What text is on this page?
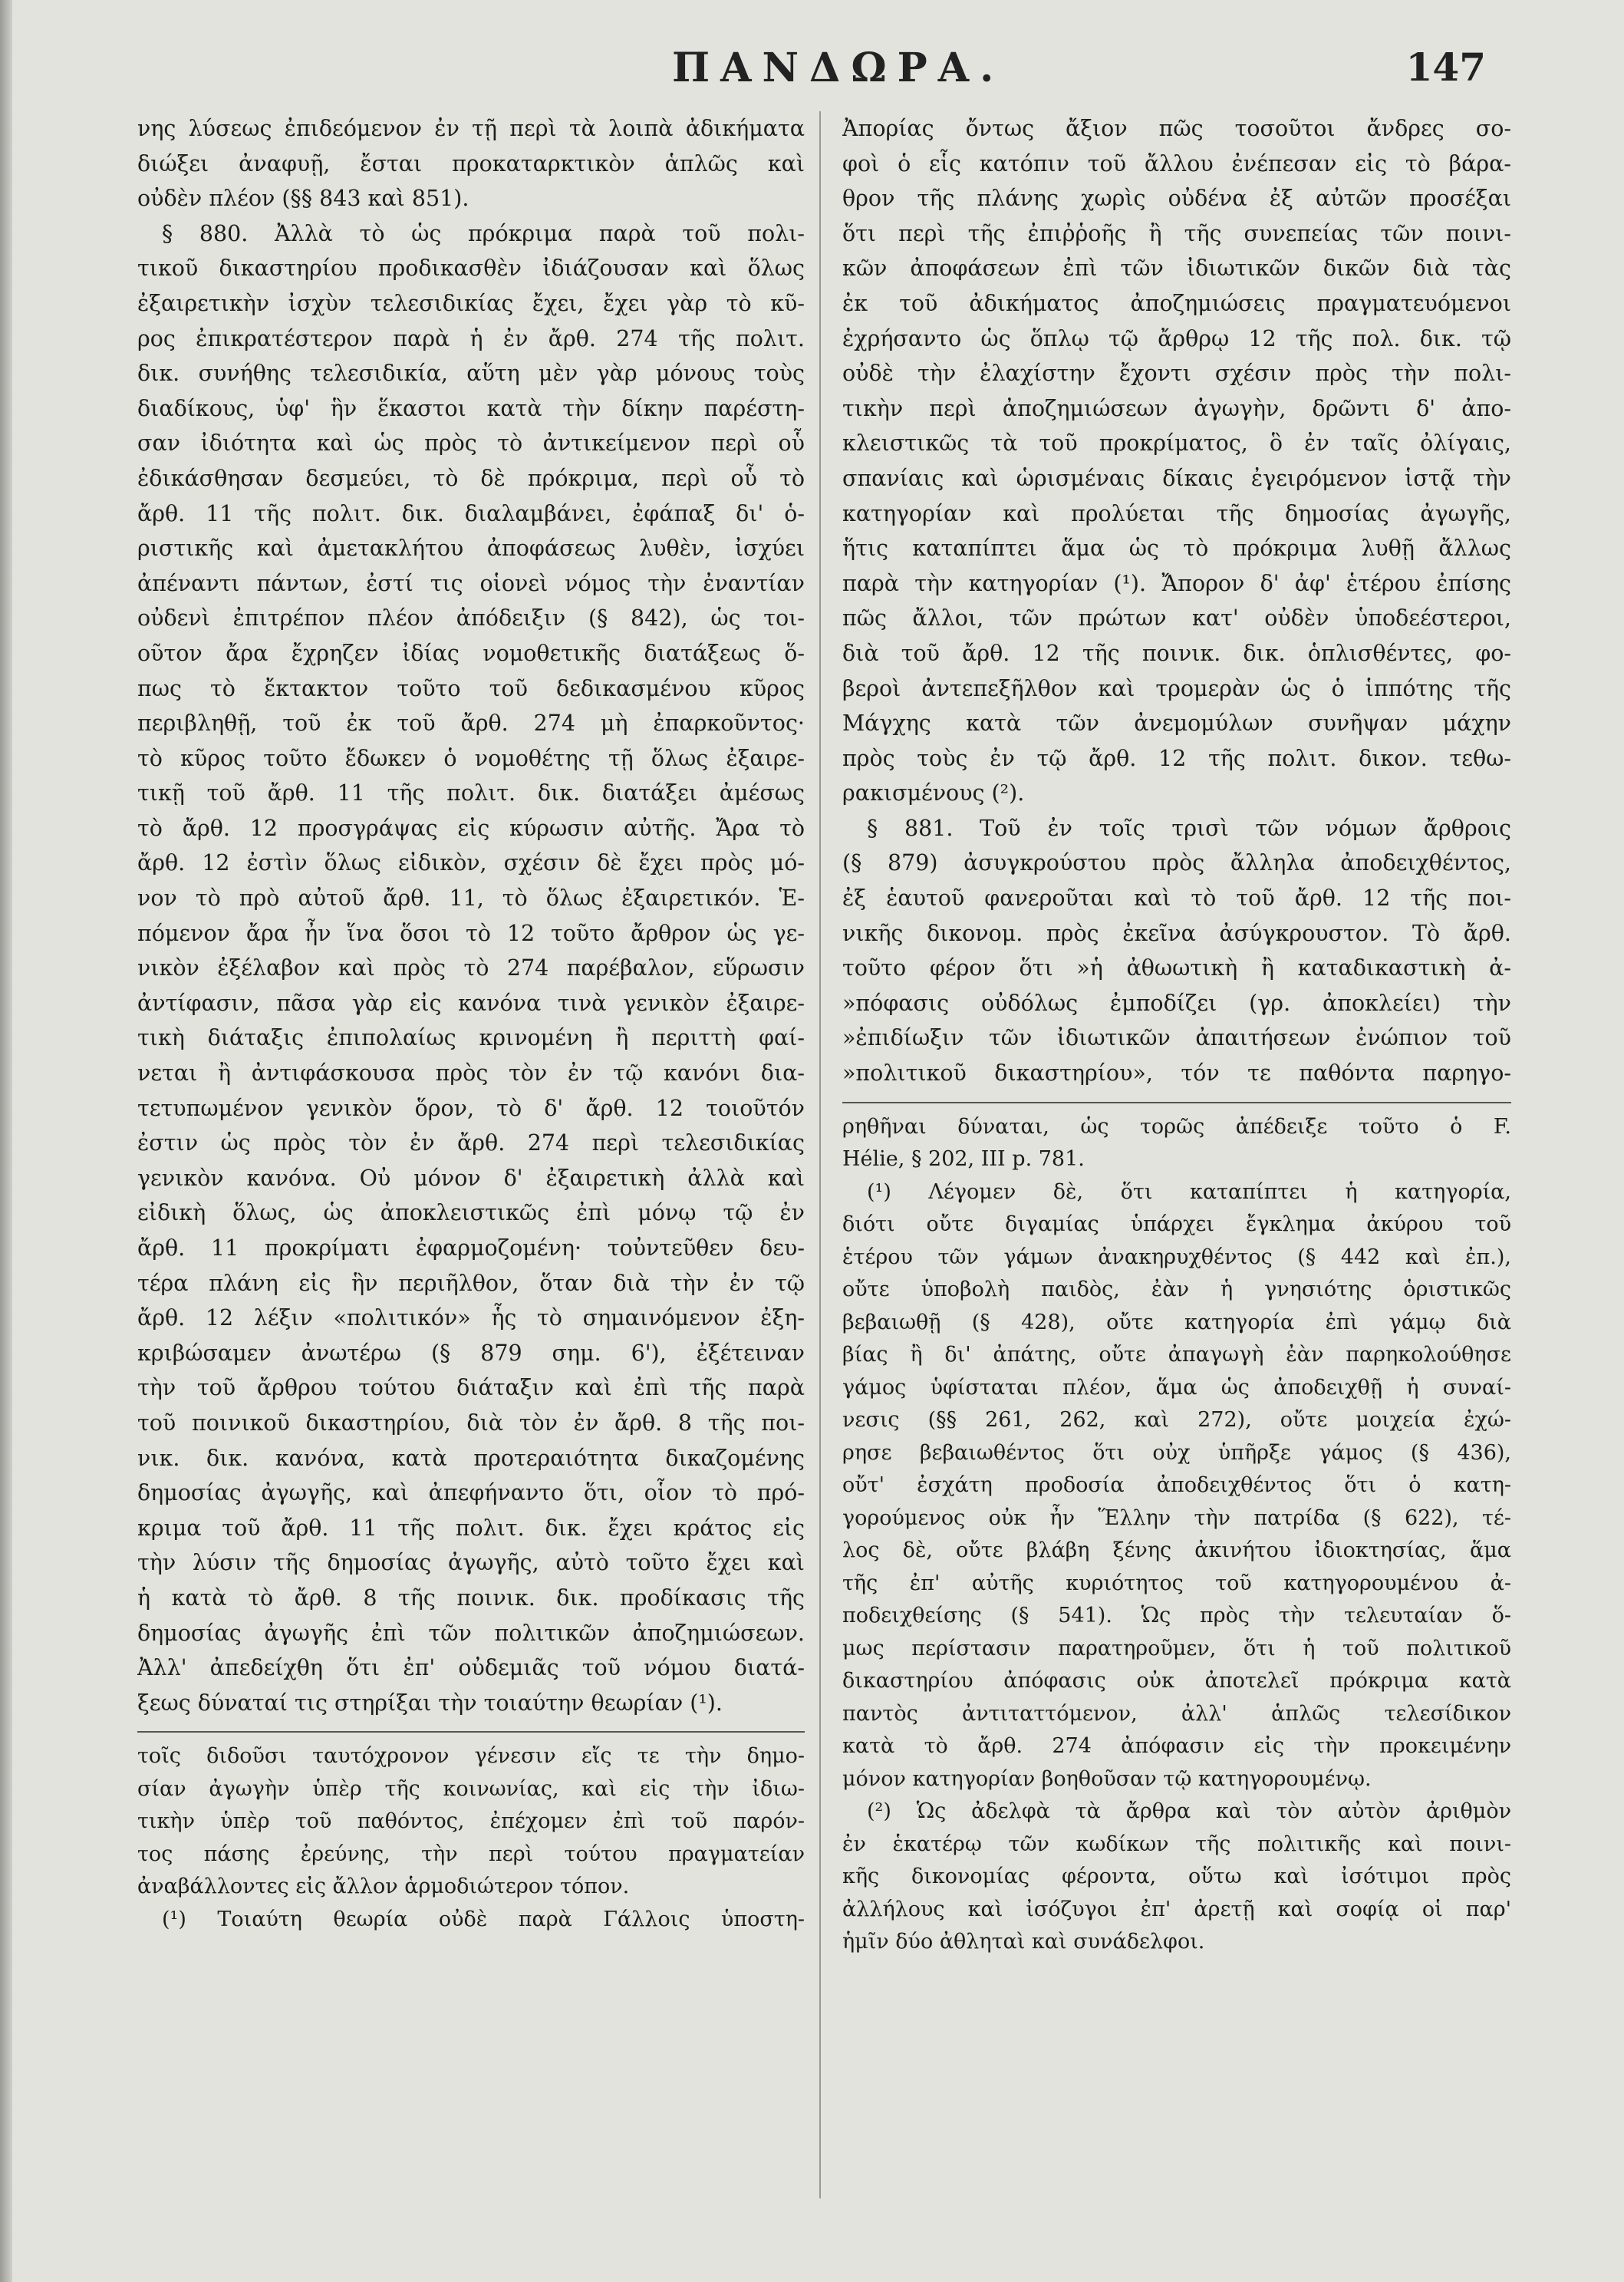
ΠΑΝΔΩΡΑ.	147
νης λύσεως ἐπιδεόμενον ἐν τῇ περὶ τὰ λοιπὰ ἀδικήματα
διώξει ἀναφυῇ, ἔσται προκαταρκτικὸν ἁπλῶς καὶ
οὐδὲν πλέον (§§ 843 καὶ 851).
§ 880. Ἀλλὰ τὸ ὡς πρόκριμα παρὰ τοῦ πολι-
τικοῦ δικαστηρίου προδικασθὲν ἰδιάζουσαν καὶ ὅλως
ἐξαιρετικὴν ἰσχὺν τελεσιδικίας ἔχει, ἔχει γὰρ τὸ κῦ-
ρος ἐπικρατέστερον παρὰ ἡ ἐν ἄρθ. 274 τῆς πολιτ.
δικ. συνήθης τελεσιδικία, αὕτη μὲν γὰρ μόνους τοὺς
διαδίκους, ὑφ' ἣν ἕκαστοι κατὰ τὴν δίκην παρέστη-
σαν ἰδιότητα καὶ ὡς πρὸς τὸ ἀντικείμενον περὶ οὗ
ἐδικάσθησαν δεσμεύει, τὸ δὲ πρόκριμα, περὶ οὗ τὸ
ἄρθ. 11 τῆς πολιτ. δικ. διαλαμβάνει, ἐφάπαξ δι' ὁ-
ριστικῆς καὶ ἀμετακλήτου ἀποφάσεως λυθὲν, ἰσχύει
ἀπέναντι πάντων, ἐστί τις οἱονεὶ νόμος τὴν ἐναντίαν
οὐδενὶ ἐπιτρέπον πλέον ἀπόδειξιν (§ 842), ὡς τοι-
οῦτον ἄρα ἔχρηζεν ἰδίας νομοθετικῆς διατάξεως ὅ-
πως τὸ ἔκτακτον τοῦτο τοῦ δεδικασμένου κῦρος
περιβληθῇ, τοῦ ἐκ τοῦ ἄρθ. 274 μὴ ἐπαρκοῦντος·
τὸ κῦρος τοῦτο ἔδωκεν ὁ νομοθέτης τῇ ὅλως ἐξαιρε-
τικῇ τοῦ ἄρθ. 11 τῆς πολιτ. δικ. διατάξει ἀμέσως
τὸ ἄρθ. 12 προσγράψας εἰς κύρωσιν αὐτῆς. Ἄρα τὸ
ἄρθ. 12 ἐστὶν ὅλως εἰδικὸν, σχέσιν δὲ ἔχει πρὸς μό-
νον τὸ πρὸ αὐτοῦ ἄρθ. 11, τὸ ὅλως ἐξαιρετικόν. Ἑ-
πόμενον ἄρα ἦν ἵνα ὅσοι τὸ 12 τοῦτο ἄρθρον ὡς γε-
νικὸν ἐξέλαβον καὶ πρὸς τὸ 274 παρέβαλον, εὕρωσιν
ἀντίφασιν, πᾶσα γὰρ εἰς κανόνα τινὰ γενικὸν ἐξαιρε-
τικὴ διάταξις ἐπιπολαίως κρινομένη ἢ περιττὴ φαί-
νεται ἢ ἀντιφάσκουσα πρὸς τὸν ἐν τῷ κανόνι δια-
τετυπωμένον γενικὸν ὅρον, τὸ δ' ἄρθ. 12 τοιοῦτόν
ἐστιν ὡς πρὸς τὸν ἐν ἄρθ. 274 περὶ τελεσιδικίας
γενικὸν κανόνα. Οὐ μόνον δ' ἐξαιρετικὴ ἀλλὰ καὶ
εἰδικὴ ὅλως, ὡς ἀποκλειστικῶς ἐπὶ μόνῳ τῷ ἐν
ἄρθ. 11 προκρίματι ἐφαρμοζομένη· τοὐντεῦθεν δευ-
τέρα πλάνη εἰς ἣν περιῆλθον, ὅταν διὰ τὴν ἐν τῷ
ἄρθ. 12 λέξιν «πολιτικόν» ἧς τὸ σημαινόμενον ἐξη-
κριβώσαμεν ἀνωτέρω (§ 879 σημ. 6'), ἐξέτειναν
τὴν τοῦ ἄρθρου τούτου διάταξιν καὶ ἐπὶ τῆς παρὰ
τοῦ ποινικοῦ δικαστηρίου, διὰ τὸν ἐν ἄρθ. 8 τῆς ποι-
νικ. δικ. κανόνα, κατὰ προτεραιότητα δικαζομένης
δημοσίας ἀγωγῆς, καὶ ἀπεφήναντο ὅτι, οἷον τὸ πρό-
κριμα τοῦ ἄρθ. 11 τῆς πολιτ. δικ. ἔχει κράτος εἰς
τὴν λύσιν τῆς δημοσίας ἀγωγῆς, αὐτὸ τοῦτο ἔχει καὶ
ἡ κατὰ τὸ ἄρθ. 8 τῆς ποινικ. δικ. προδίκασις τῆς
δημοσίας ἀγωγῆς ἐπὶ τῶν πολιτικῶν ἀποζημιώσεων.
Ἀλλ' ἀπεδείχθη ὅτι ἐπ' οὐδεμιᾶς τοῦ νόμου διατά-
ξεως δύναταί τις στηρίξαι τὴν τοιαύτην θεωρίαν (¹).
τοῖς διδοῦσι ταυτόχρονον γένεσιν εἴς τε τὴν δημο-
σίαν ἀγωγὴν ὑπὲρ τῆς κοινωνίας, καὶ εἰς τὴν ἰδιω-
τικὴν ὑπὲρ τοῦ παθόντος, ἐπέχομεν ἐπὶ τοῦ παρόν-
τος πάσης ἐρεύνης, τὴν περὶ τούτου πραγματείαν
ἀναβάλλοντες εἰς ἄλλον ἁρμοδιώτερον τόπον.
(¹) Τοιαύτη θεωρία οὐδὲ παρὰ Γάλλοις ὑποστη-
Ἀπορίας ὄντως ἄξιον πῶς τοσοῦτοι ἄνδρες σο-
φοὶ ὁ εἷς κατόπιν τοῦ ἄλλου ἐνέπεσαν εἰς τὸ βάρα-
θρον τῆς πλάνης χωρὶς οὐδένα ἐξ αὐτῶν προσέξαι
ὅτι περὶ τῆς ἐπιῤῥοῆς ἢ τῆς συνεπείας τῶν ποινι-
κῶν ἀποφάσεων ἐπὶ τῶν ἰδιωτικῶν δικῶν διὰ τὰς
ἐκ τοῦ ἀδικήματος ἀποζημιώσεις πραγματευόμενοι
ἐχρήσαντο ὡς ὅπλῳ τῷ ἄρθρῳ 12 τῆς πολ. δικ. τῷ
οὐδὲ τὴν ἐλαχίστην ἔχοντι σχέσιν πρὸς τὴν πολι-
τικὴν περὶ ἀποζημιώσεων ἀγωγὴν, δρῶντι δ' ἀπο-
κλειστικῶς τὰ τοῦ προκρίματος, ὃ ἐν ταῖς ὀλίγαις,
σπανίαις καὶ ὡρισμέναις δίκαις ἐγειρόμενον ἱστᾷ τὴν
κατηγορίαν καὶ προλύεται τῆς δημοσίας ἀγωγῆς,
ἥτις καταπίπτει ἅμα ὡς τὸ πρόκριμα λυθῇ ἄλλως
παρὰ τὴν κατηγορίαν (¹). Ἄπορον δ' ἀφ' ἑτέρου ἐπίσης
πῶς ἄλλοι, τῶν πρώτων κατ' οὐδὲν ὑποδεέστεροι,
διὰ τοῦ ἄρθ. 12 τῆς ποινικ. δικ. ὁπλισθέντες, φο-
βεροὶ ἀντεπεξῆλθον καὶ τρομερὰν ὡς ὁ ἱππότης τῆς
Μάγχης κατὰ τῶν ἀνεμομύλων συνῆψαν μάχην
πρὸς τοὺς ἐν τῷ ἄρθ. 12 τῆς πολιτ. δικον. τεθω-
ρακισμένους (²).
§ 881. Τοῦ ἐν τοῖς τρισὶ τῶν νόμων ἄρθροις
(§ 879) ἀσυγκρούστου πρὸς ἄλληλα ἀποδειχθέντος,
ἐξ ἑαυτοῦ φανεροῦται καὶ τὸ τοῦ ἄρθ. 12 τῆς ποι-
νικῆς δικονομ. πρὸς ἐκεῖνα ἀσύγκρουστον. Τὸ ἄρθ.
τοῦτο φέρον ὅτι »ἡ ἀθωωτικὴ ἢ καταδικαστικὴ ἀ-
»πόφασις οὐδόλως ἐμποδίζει (γρ. ἀποκλείει) τὴν
»ἐπιδίωξιν τῶν ἰδιωτικῶν ἀπαιτήσεων ἐνώπιον τοῦ
»πολιτικοῦ δικαστηρίου», τόν τε παθόντα παρηγο-
ρηθῆναι δύναται, ὡς τορῶς ἀπέδειξε τοῦτο ὁ F.
Hélie, § 202, III p. 781.
(¹) Λέγομεν δὲ, ὅτι καταπίπτει ἡ κατηγορία,
διότι οὔτε διγαμίας ὑπάρχει ἔγκλημα ἀκύρου τοῦ
ἑτέρου τῶν γάμων ἀνακηρυχθέντος (§ 442 καὶ ἐπ.),
οὔτε ὑποβολὴ παιδὸς, ἐὰν ἡ γνησιότης ὁριστικῶς
βεβαιωθῇ (§ 428), οὔτε κατηγορία ἐπὶ γάμῳ διὰ
βίας ἢ δι' ἀπάτης, οὔτε ἀπαγωγὴ ἐὰν παρηκολούθησε
γάμος ὑφίσταται πλέον, ἅμα ὡς ἀποδειχθῇ ἡ συναί-
νεσις (§§ 261, 262, καὶ 272), οὔτε μοιχεία ἐχώ-
ρησε βεβαιωθέντος ὅτι οὐχ ὑπῆρξε γάμος (§ 436),
οὔτ' ἐσχάτη προδοσία ἀποδειχθέντος ὅτι ὁ κατη-
γορούμενος οὐκ ἦν Ἕλλην τὴν πατρίδα (§ 622), τέ-
λος δὲ, οὔτε βλάβη ξένης ἀκινήτου ἰδιοκτησίας, ἅμα
τῆς ἐπ' αὐτῆς κυριότητος τοῦ κατηγορουμένου ἀ-
ποδειχθείσης (§ 541). Ὡς πρὸς τὴν τελευταίαν ὅ-
μως περίστασιν παρατηροῦμεν, ὅτι ἡ τοῦ πολιτικοῦ
δικαστηρίου ἀπόφασις οὐκ ἀποτελεῖ πρόκριμα κατὰ
παντὸς ἀντιταττόμενον, ἀλλ' ἁπλῶς τελεσίδικον
κατὰ τὸ ἄρθ. 274 ἀπόφασιν εἰς τὴν προκειμένην
μόνον κατηγορίαν βοηθοῦσαν τῷ κατηγορουμένῳ.
(²) Ὡς ἀδελφὰ τὰ ἄρθρα καὶ τὸν αὐτὸν ἀριθμὸν
ἐν ἑκατέρῳ τῶν κωδίκων τῆς πολιτικῆς καὶ ποινι-
κῆς δικονομίας φέροντα, οὕτω καὶ ἰσότιμοι πρὸς
ἀλλήλους καὶ ἰσόζυγοι ἐπ' ἀρετῇ καὶ σοφίᾳ οἱ παρ'
ἡμῖν δύο ἀθληταὶ καὶ συνάδελφοι.
